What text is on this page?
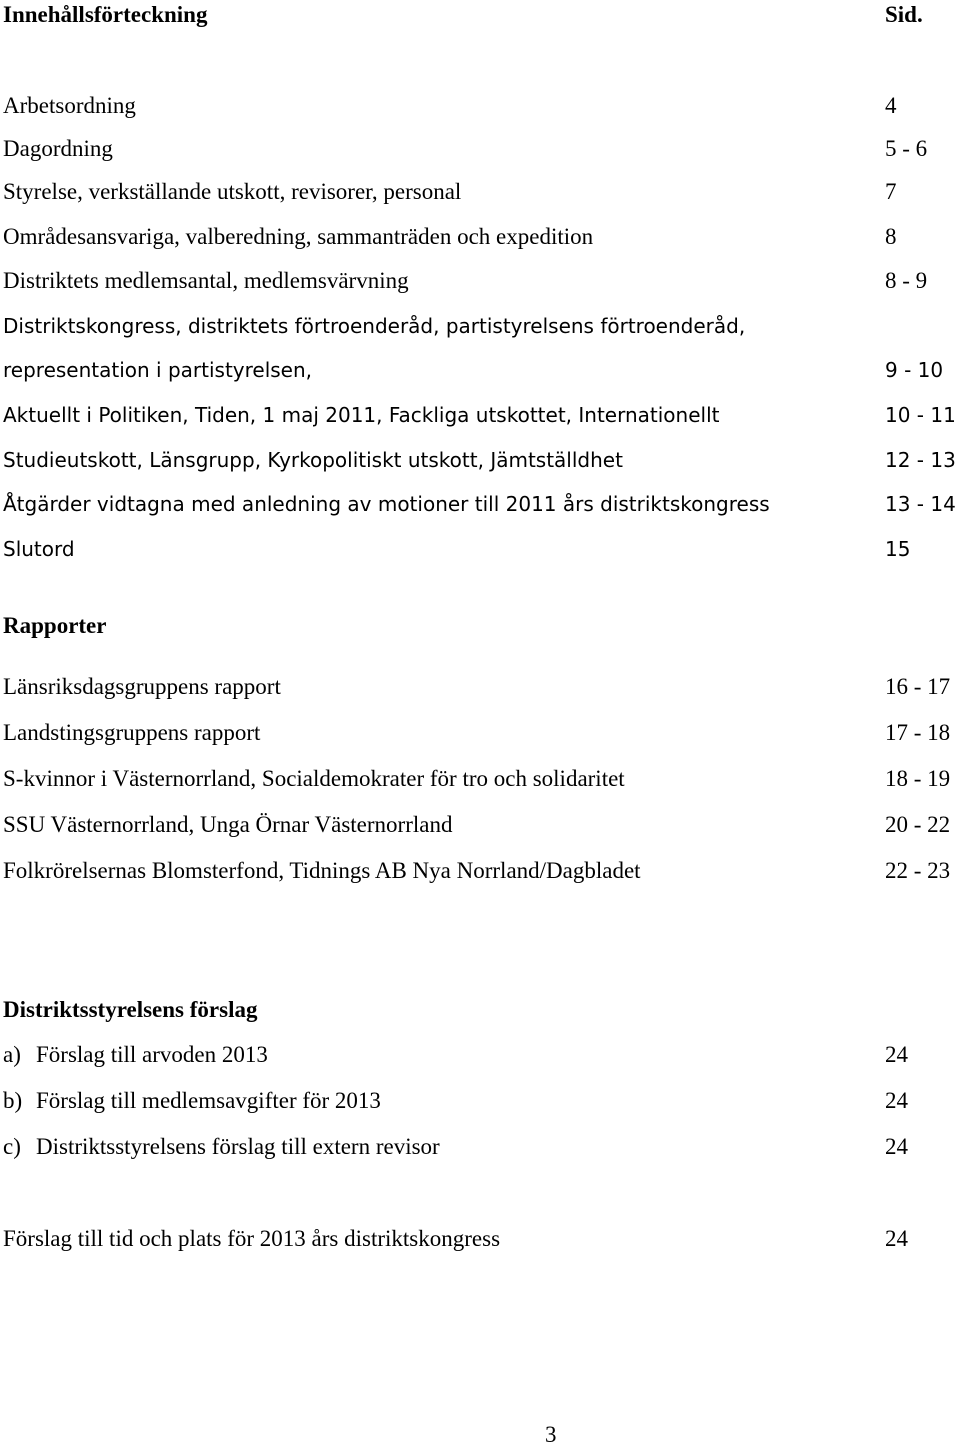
Innehållsförteckning	Sid.
Arbetsordning	4
Dagordning	5 - 6
Styrelse, verkställande utskott, revisorer, personal	7
Områdesansvariga, valberedning, sammanträden och expedition	8
Distriktets medlemsantal, medlemsvärvning	8 - 9
Distriktskongress, distriktets förtroenderåd, partistyrelsens förtroenderåd,
representation i partistyrelsen,	9 - 10
Aktuellt i Politiken, Tiden, 1 maj 2011, Fackliga utskottet, Internationellt	10 - 11
Studieutskott, Länsgrupp, Kyrkopolitiskt utskott, Jämtställdhet	12 - 13
Åtgärder vidtagna med anledning av motioner till 2011 års distriktskongress	13 - 14
Slutord	15
Rapporter
Länsriksdagsgruppens rapport	16 - 17
Landstingsgruppens rapport	17 - 18
S-kvinnor i Västernorrland, Socialdemokrater för tro och solidaritet	18 - 19
SSU Västernorrland, Unga Örnar Västernorrland	20 - 22
Folkrörelsernas Blomsterfond, Tidnings AB Nya Norrland/Dagbladet	22 - 23
Distriktsstyrelsens förslag
a) Förslag till arvoden 2013	24
b) Förslag till medlemsavgifter för 2013	24
c) Distriktsstyrelsens förslag till extern revisor	24
Förslag till tid och plats för 2013 års distriktskongress	24
3
